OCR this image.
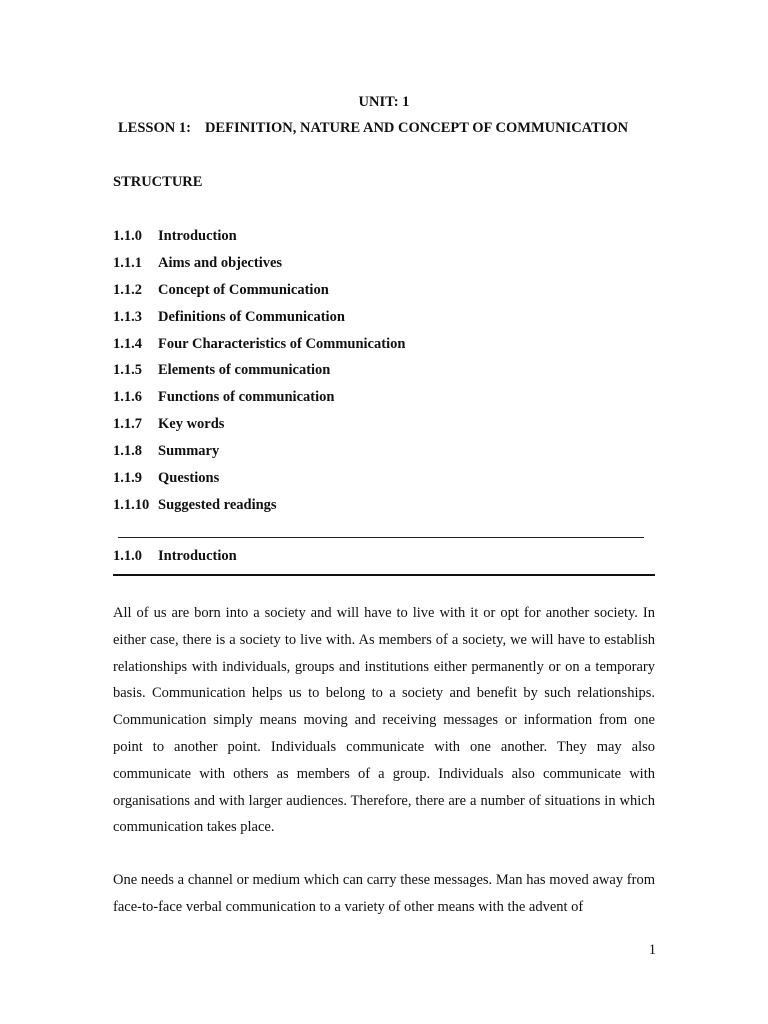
UNIT: 1
LESSON 1: DEFINITION, NATURE AND CONCEPT OF COMMUNICATION
STRUCTURE
1.1.0 Introduction
1.1.1 Aims and objectives
1.1.2 Concept of Communication
1.1.3 Definitions of Communication
1.1.4 Four Characteristics of Communication
1.1.5 Elements of communication
1.1.6 Functions of communication
1.1.7 Key words
1.1.8 Summary
1.1.9 Questions
1.1.10 Suggested readings
1.1.0 Introduction

All of us are born into a society and will have to live with it or opt for another society. In either case, there is a society to live with. As members of a society, we will have to establish relationships with individuals, groups and institutions either permanently or on a temporary basis. Communication helps us to belong to a society and benefit by such relationships. Communication simply means moving and receiving messages or information from one point to another point. Individuals communicate with one another. They may also communicate with others as members of a group. Individuals also communicate with organisations and with larger audiences. Therefore, there are a number of situations in which communication takes place.

One needs a channel or medium which can carry these messages. Man has moved away from face-to-face verbal communication to a variety of other means with the advent of

1
